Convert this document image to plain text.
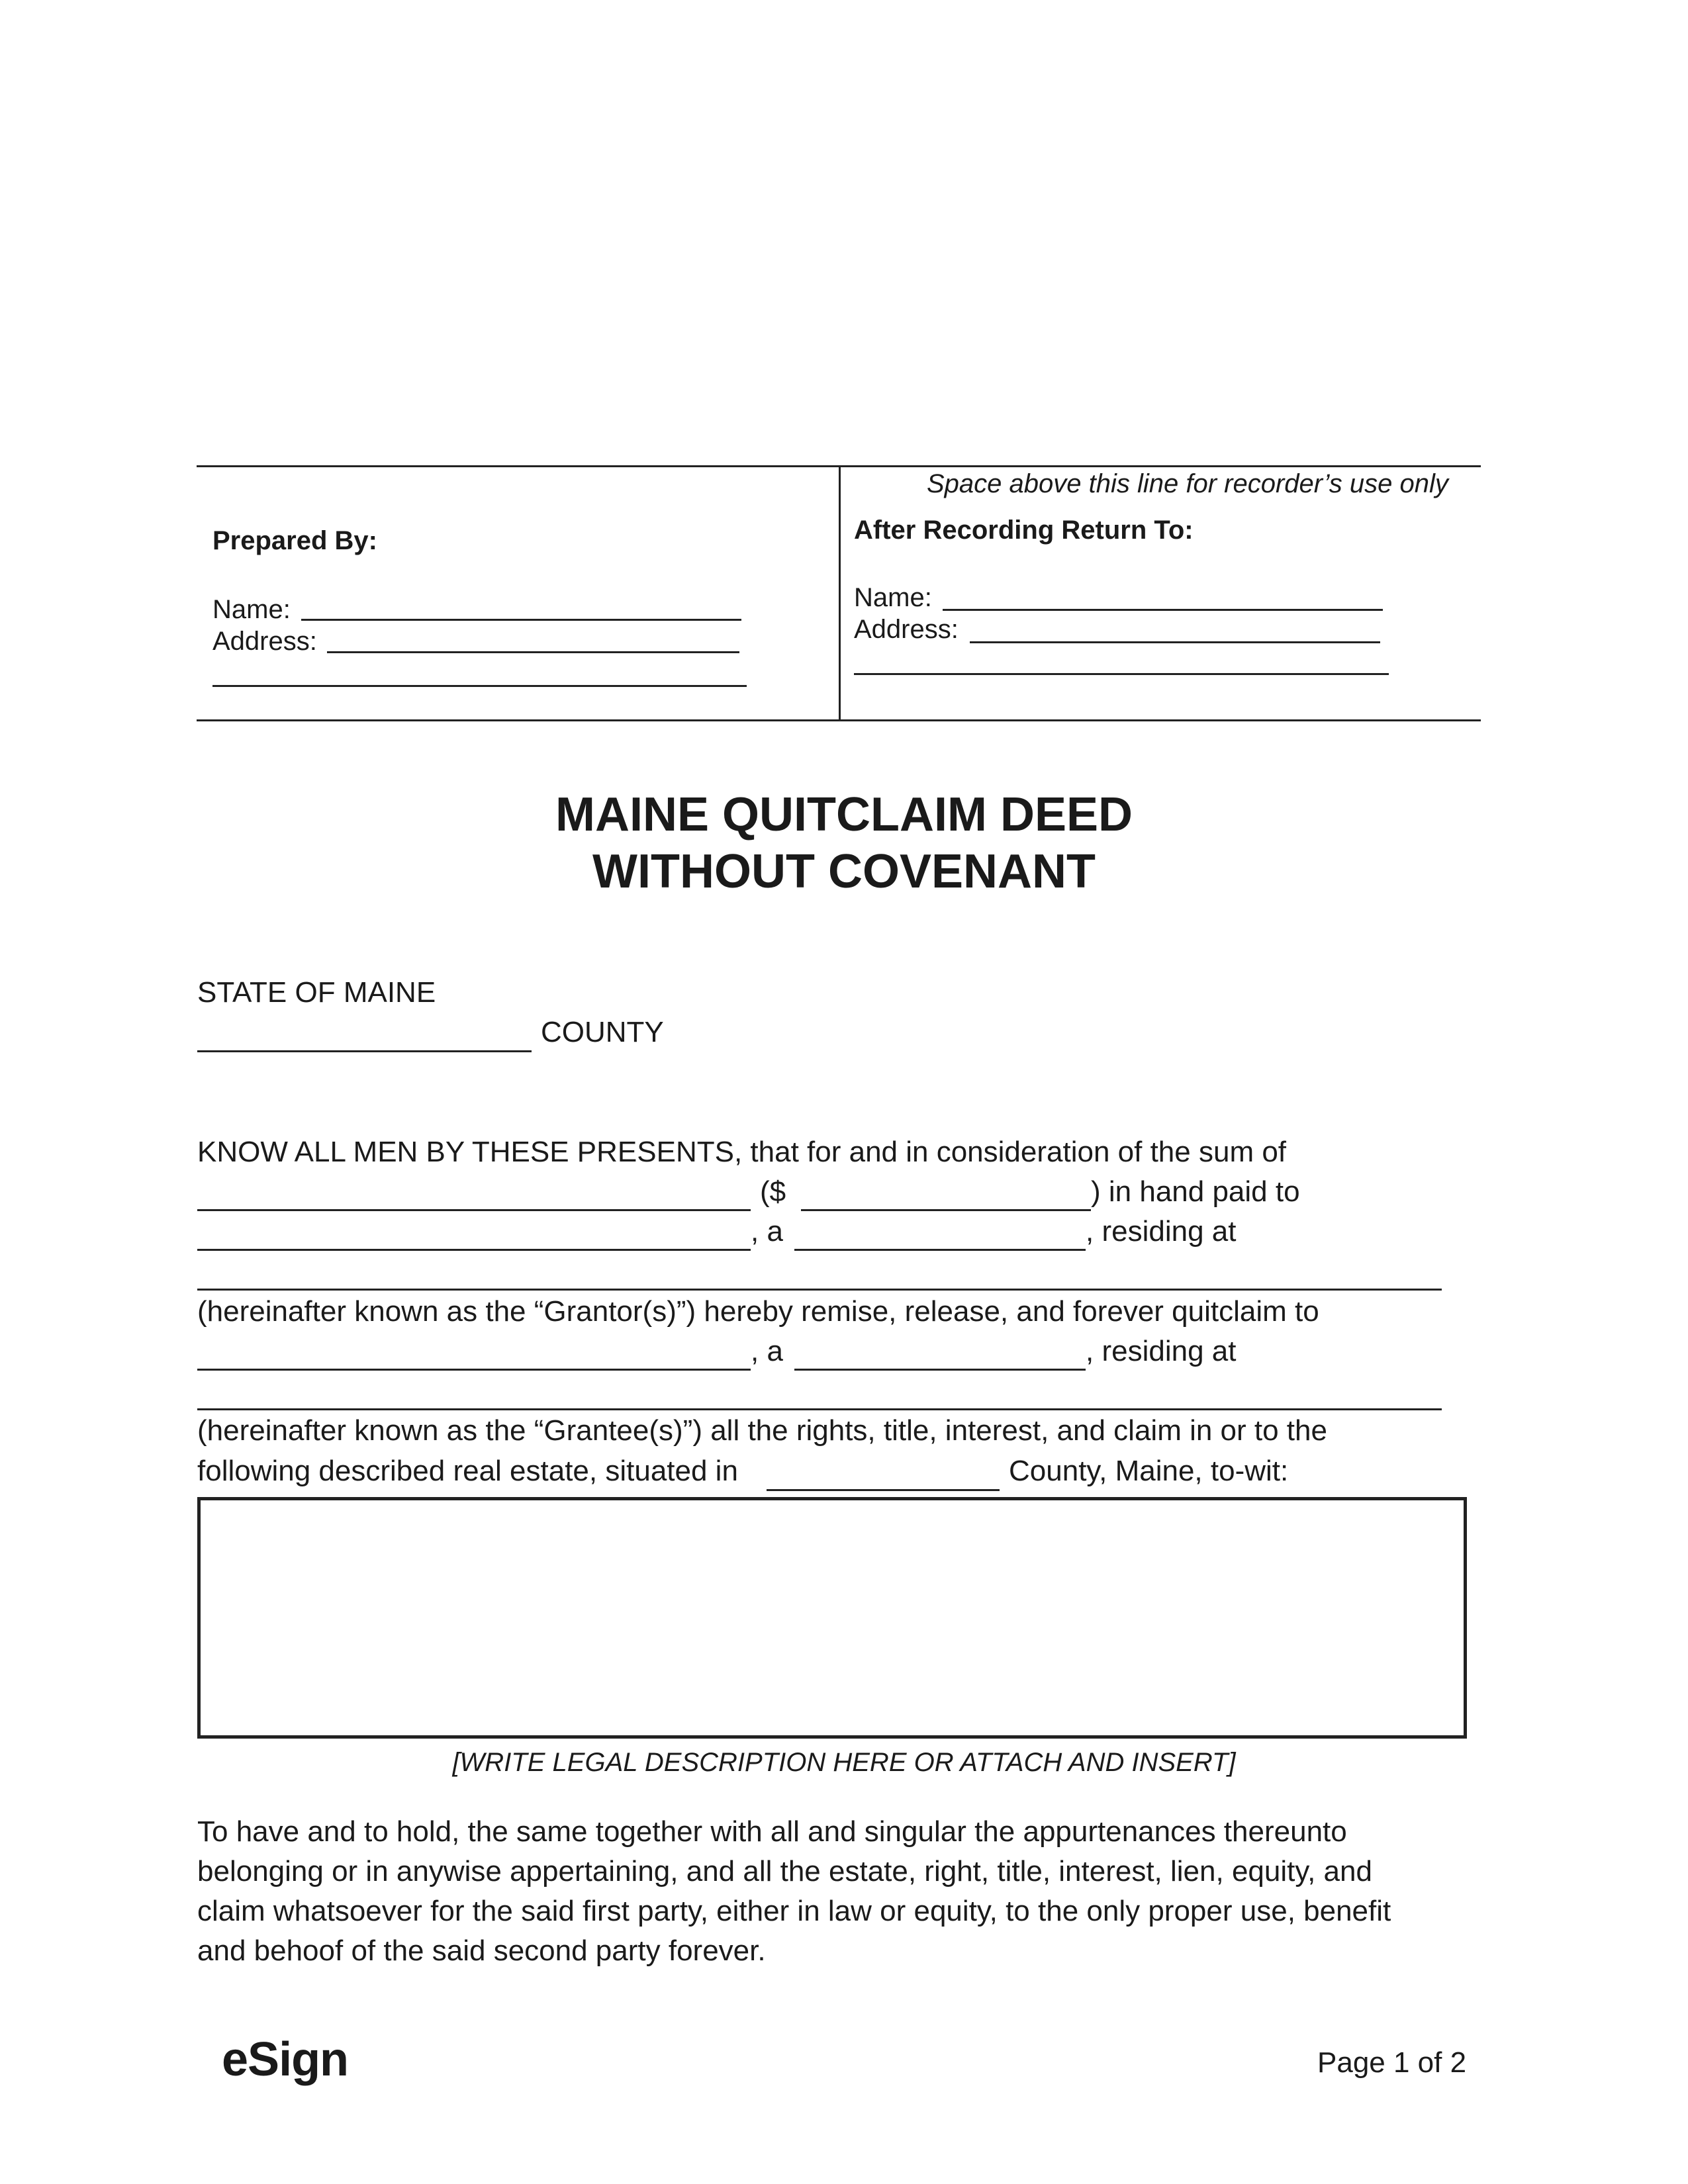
Space above this line for recorder’s use only
Prepared By:
Name:
Address:
After Recording Return To:
Name:
Address:
MAINE QUITCLAIM DEED
WITHOUT COVENANT
STATE OF MAINE
COUNTY
KNOW ALL MEN BY THESE PRESENTS, that for and in consideration of the sum of
($	) in hand paid to
, a	, residing at
(hereinafter known as the “Grantor(s)”) hereby remise, release, and forever quitclaim to
, a	, residing at
(hereinafter known as the “Grantee(s)”) all the rights, title, interest, and claim in or to the
following described real estate, situated in	County, Maine, to-wit:
[WRITE LEGAL DESCRIPTION HERE OR ATTACH AND INSERT]
To have and to hold, the same together with all and singular the appurtenances thereunto
belonging or in anywise appertaining, and all the estate, right, title, interest, lien, equity, and
claim whatsoever for the said first party, either in law or equity, to the only proper use, benefit
and behoof of the said second party forever.
eSign	Page 1 of 2
